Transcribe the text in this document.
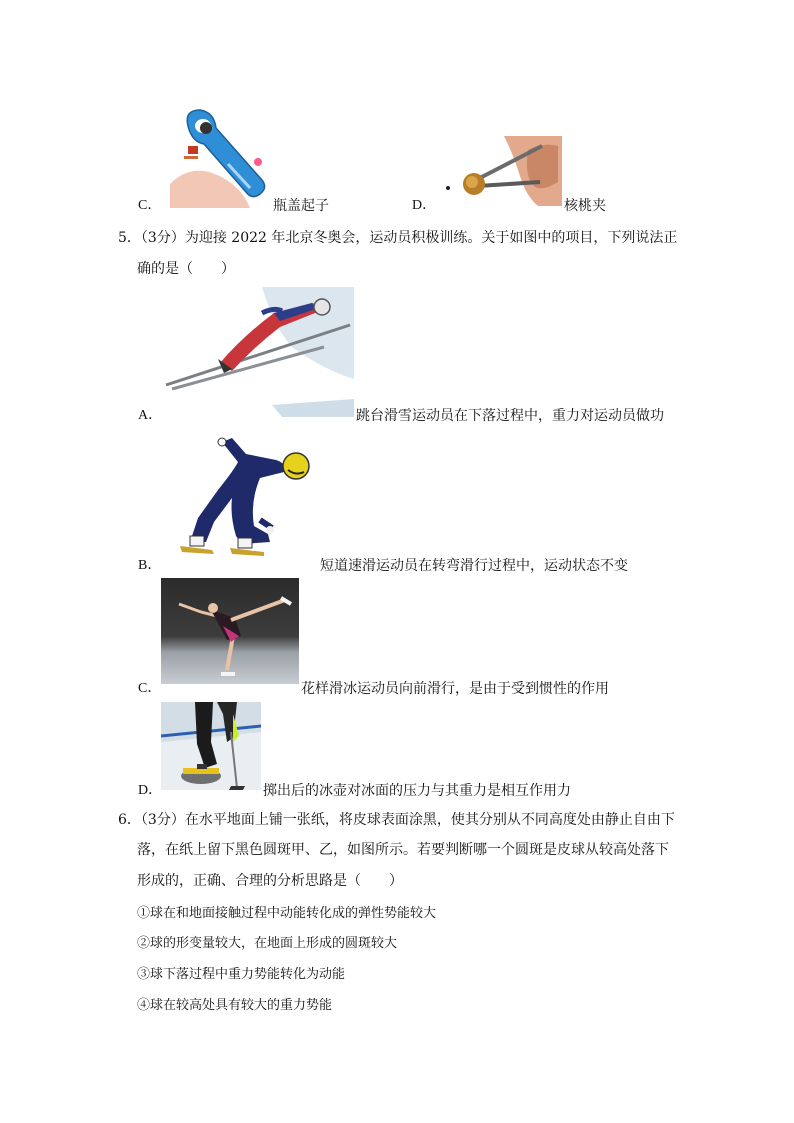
C．	瓶盖起子	D．	核桃夹
5．（3分）为迎接 2022 年北京冬奥会，运动员积极训练。关于如图中的项目，下列说法正
确的是（　　）
A．	跳台滑雪运动员在下落过程中，重力对运动员做功
B．	短道速滑运动员在转弯滑行过程中，运动状态不变
C．	花样滑冰运动员向前滑行，是由于受到惯性的作用
D．	掷出后的冰壶对冰面的压力与其重力是相互作用力
6．（3分）在水平地面上铺一张纸，将皮球表面涂黑，使其分别从不同高度处由静止自由下
落，在纸上留下黑色圆斑甲、乙，如图所示。若要判断哪一个圆斑是皮球从较高处落下
形成的，正确、合理的分析思路是（　　）
①球在和地面接触过程中动能转化成的弹性势能较大
②球的形变量较大，在地面上形成的圆斑较大
③球下落过程中重力势能转化为动能
④球在较高处具有较大的重力势能
